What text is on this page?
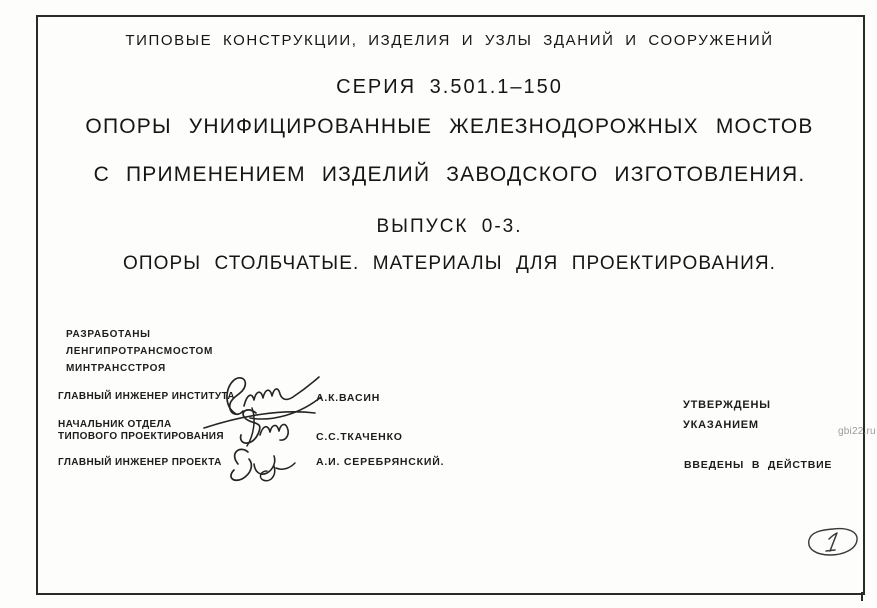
ТИПОВЫЕ КОНСТРУКЦИИ, ИЗДЕЛИЯ И УЗЛЫ ЗДАНИЙ И СООРУЖЕНИЙ
СЕРИЯ 3.501.1–150
ОПОРЫ УНИФИЦИРОВАННЫЕ ЖЕЛЕЗНОДОРОЖНЫХ МОСТОВ
С ПРИМЕНЕНИЕМ ИЗДЕЛИЙ ЗАВОДСКОГО ИЗГОТОВЛЕНИЯ.
ВЫПУСК 0-3.
ОПОРЫ СТОЛБЧАТЫЕ. МАТЕРИАЛЫ ДЛЯ ПРОЕКТИРОВАНИЯ.
РАЗРАБОТАНЫ
ЛЕНГИПРОТРАНСМОСТОМ
МИНТРАНССТРОЯ
ГЛАВНЫЙ ИНЖЕНЕР ИНСТИТУТА
НАЧАЛЬНИК ОТДЕЛА
ТИПОВОГО ПРОЕКТИРОВАНИЯ
ГЛАВНЫЙ ИНЖЕНЕР ПРОЕКТА
А.К.ВАСИН
С.С.ТКАЧЕНКО
А.И. СЕРЕБРЯНСКИЙ.
УТВЕРЖДЕНЫ
УКАЗАНИЕМ
ВВЕДЕНЫ В ДЕЙСТВИЕ
gbi22.ru
